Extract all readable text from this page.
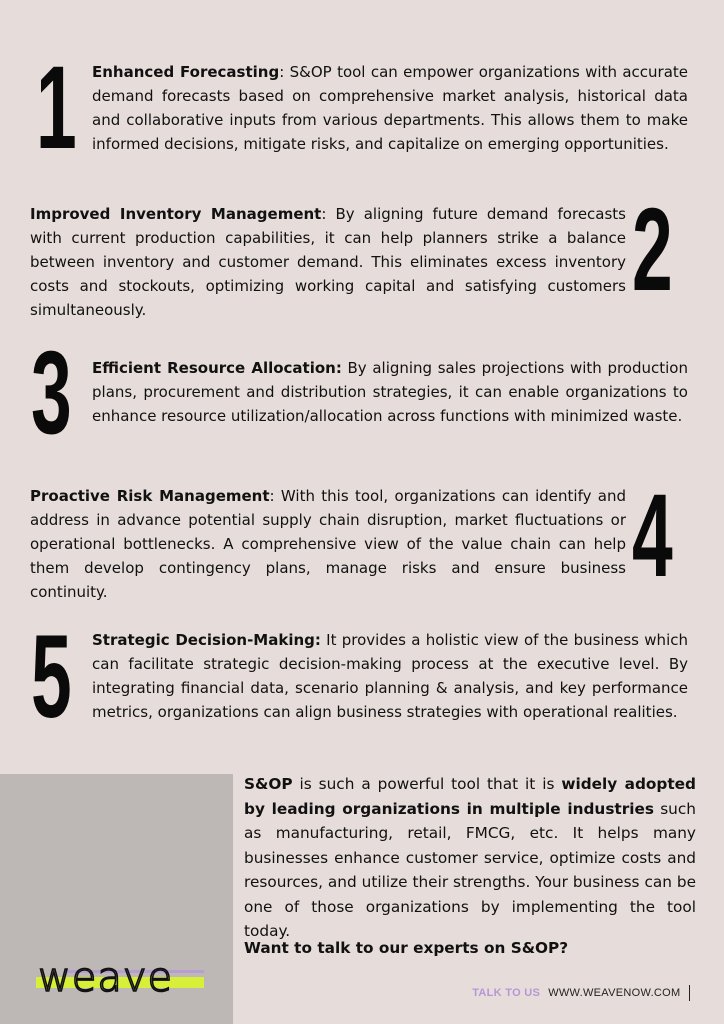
1 Enhanced Forecasting: S&OP tool can empower organizations with accurate demand forecasts based on comprehensive market analysis, historical data and collaborative inputs from various departments. This allows them to make informed decisions, mitigate risks, and capitalize on emerging opportunities.

2

Improved Inventory Management: By aligning future demand forecasts with current production capabilities, it can help planners strike a balance between inventory and customer demand. This eliminates excess inventory costs and stockouts, optimizing working capital and satisfying customers simultaneously.

3 Efficient Resource Allocation: By aligning sales projections with production plans, procurement and distribution strategies, it can enable organizations to enhance resource utilization/allocation across functions with minimized waste.

4

Proactive Risk Management: With this tool, organizations can identify and address in advance potential supply chain disruption, market fluctuations or operational bottlenecks. A comprehensive view of the value chain can help them develop contingency plans, manage risks and ensure business continuity.

5 Strategic Decision-Making: It provides a holistic view of the business which can facilitate strategic decision-making process at the executive level. By integrating financial data, scenario planning & analysis, and key performance metrics, organizations can align business strategies with operational realities.

S&OP is such a powerful tool that it is widely adopted by leading organizations in multiple industries such as manufacturing, retail, FMCG, etc. It helps many businesses enhance customer service, optimize costs and resources, and utilize their strengths. Your business can be one of those organizations by implementing the tool today.

Want to talk to our experts on S&OP?

weave	TALK TO US WWW.WEAVENOW.COM
